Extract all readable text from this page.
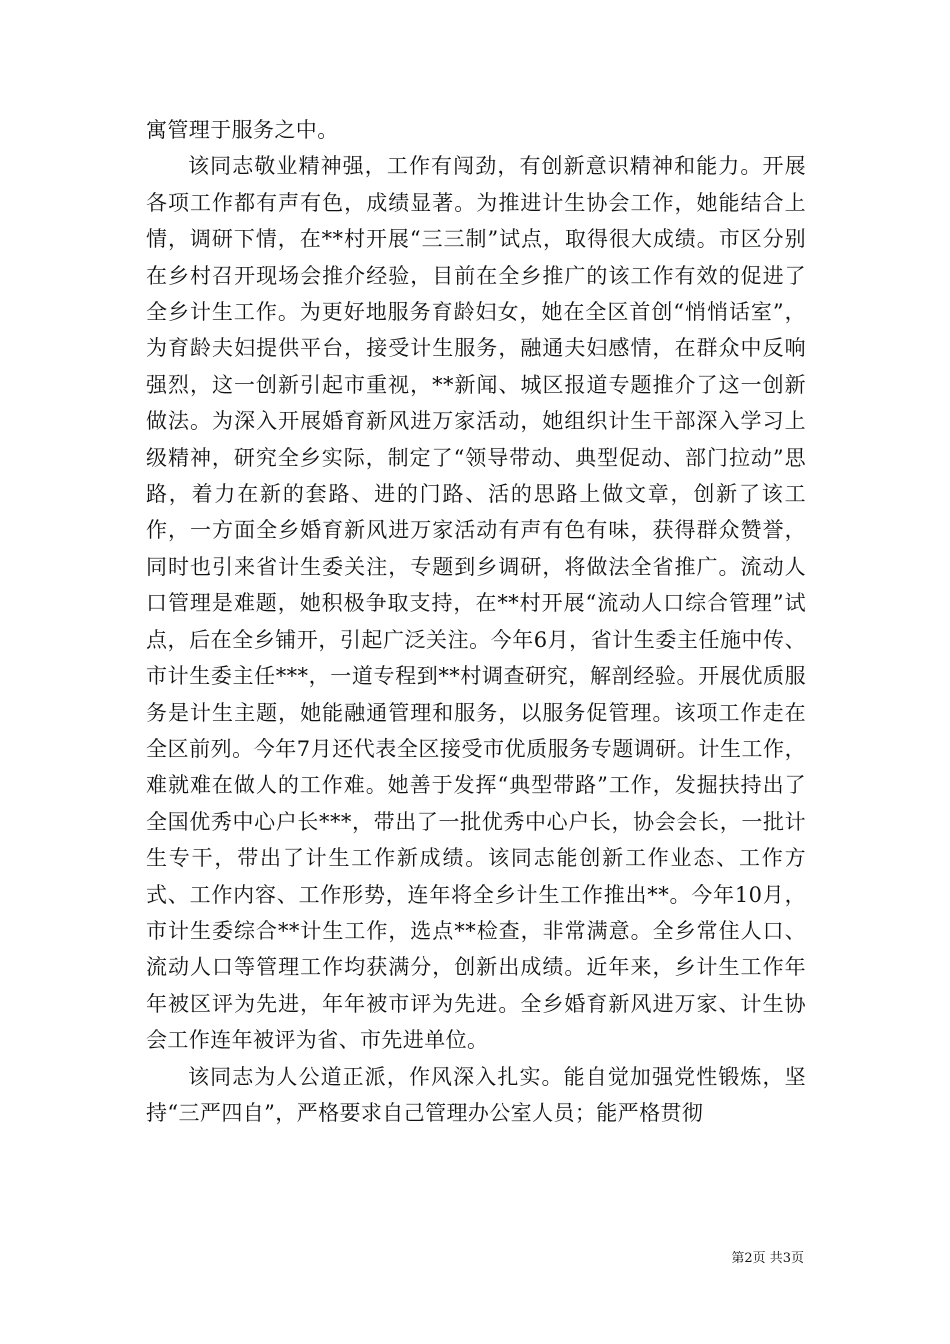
寓管理于服务之中。

该同志敬业精神强，工作有闯劲，有创新意识精神和能力。开展各项工作都有声有色，成绩显著。为推进计生协会工作，她能结合上情，调研下情，在**村开展“三三制”试点，取得很大成绩。市区分别在乡村召开现场会推介经验，目前在全乡推广的该工作有效的促进了全乡计生工作。为更好地服务育龄妇女，她在全区首创“悄悄话室”，为育龄夫妇提供平台，接受计生服务，融通夫妇感情，在群众中反响强烈，这一创新引起市重视，**新闻、城区报道专题推介了这一创新做法。为深入开展婚育新风进万家活动，她组织计生干部深入学习上级精神，研究全乡实际，制定了“领导带动、典型促动、部门拉动”思路，着力在新的套路、进的门路、活的思路上做文章，创新了该工作，一方面全乡婚育新风进万家活动有声有色有味，获得群众赞誉，同时也引来省计生委关注，专题到乡调研，将做法全省推广。流动人口管理是难题，她积极争取支持，在**村开展“流动人口综合管理”试点，后在全乡铺开，引起广泛关注。今年6月，省计生委主任施中传、市计生委主任***，一道专程到**村调查研究，解剖经验。开展优质服务是计生主题，她能融通管理和服务，以服务促管理。该项工作走在全区前列。今年7月还代表全区接受市优质服务专题调研。计生工作，难就难在做人的工作难。她善于发挥“典型带路”工作，发掘扶持出了全国优秀中心户长***，带出了一批优秀中心户长，协会会长，一批计生专干，带出了计生工作新成绩。该同志能创新工作业态、工作方式、工作内容、工作形势，连年将全乡计生工作推出**。今年10月，市计生委综合**计生工作，选点**检查，非常满意。全乡常住人口、流动人口等管理工作均获满分，创新出成绩。近年来，乡计生工作年年被区评为先进，年年被市评为先进。全乡婚育新风进万家、计生协会工作连年被评为省、市先进单位。

该同志为人公道正派，作风深入扎实。能自觉加强党性锻炼，坚持“三严四自”，严格要求自己管理办公室人员；能严格贯彻

第2页 共3页
